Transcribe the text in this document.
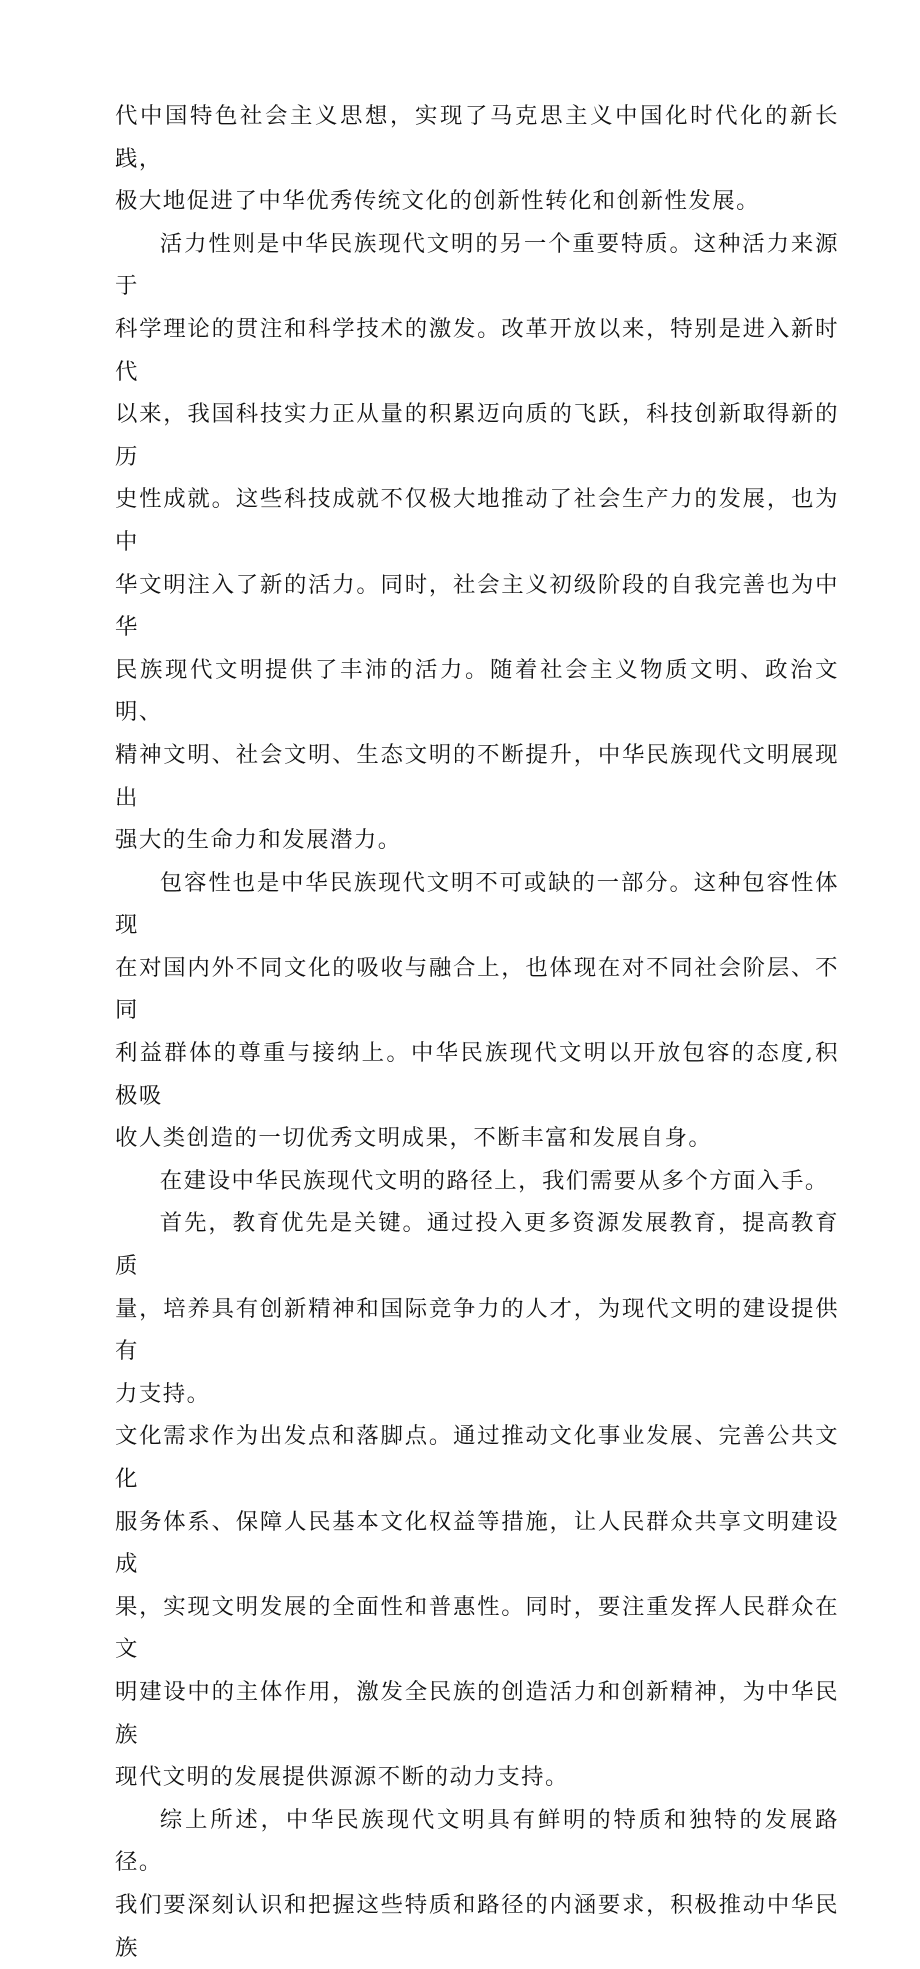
代中国特色社会主义思想，实现了马克思主义中国化时代化的新长践，
极大地促进了中华优秀传统文化的创新性转化和创新性发展。

活力性则是中华民族现代文明的另一个重要特质。这种活力来源于
科学理论的贯注和科学技术的激发。改革开放以来，特别是进入新时代
以来，我国科技实力正从量的积累迈向质的飞跃，科技创新取得新的历
史性成就。这些科技成就不仅极大地推动了社会生产力的发展，也为中
华文明注入了新的活力。同时，社会主义初级阶段的自我完善也为中华
民族现代文明提供了丰沛的活力。随着社会主义物质文明、政治文明、
精神文明、社会文明、生态文明的不断提升，中华民族现代文明展现出
强大的生命力和发展潜力。

包容性也是中华民族现代文明不可或缺的一部分。这种包容性体现
在对国内外不同文化的吸收与融合上，也体现在对不同社会阶层、不同
利益群体的尊重与接纳上。中华民族现代文明以开放包容的态度,积极吸
收人类创造的一切优秀文明成果，不断丰富和发展自身。

在建设中华民族现代文明的路径上，我们需要从多个方面入手。

首先，教育优先是关键。通过投入更多资源发展教育，提高教育质
量，培养具有创新精神和国际竞争力的人才，为现代文明的建设提供有
力支持。

文化需求作为出发点和落脚点。通过推动文化事业发展、完善公共文化
服务体系、保障人民基本文化权益等措施，让人民群众共享文明建设成
果，实现文明发展的全面性和普惠性。同时，要注重发挥人民群众在文
明建设中的主体作用，激发全民族的创造活力和创新精神，为中华民族
现代文明的发展提供源源不断的动力支持。

综上所述，中华民族现代文明具有鲜明的特质和独特的发展路径。
我们要深刻认识和把握这些特质和路径的内涵要求，积极推动中华民族
